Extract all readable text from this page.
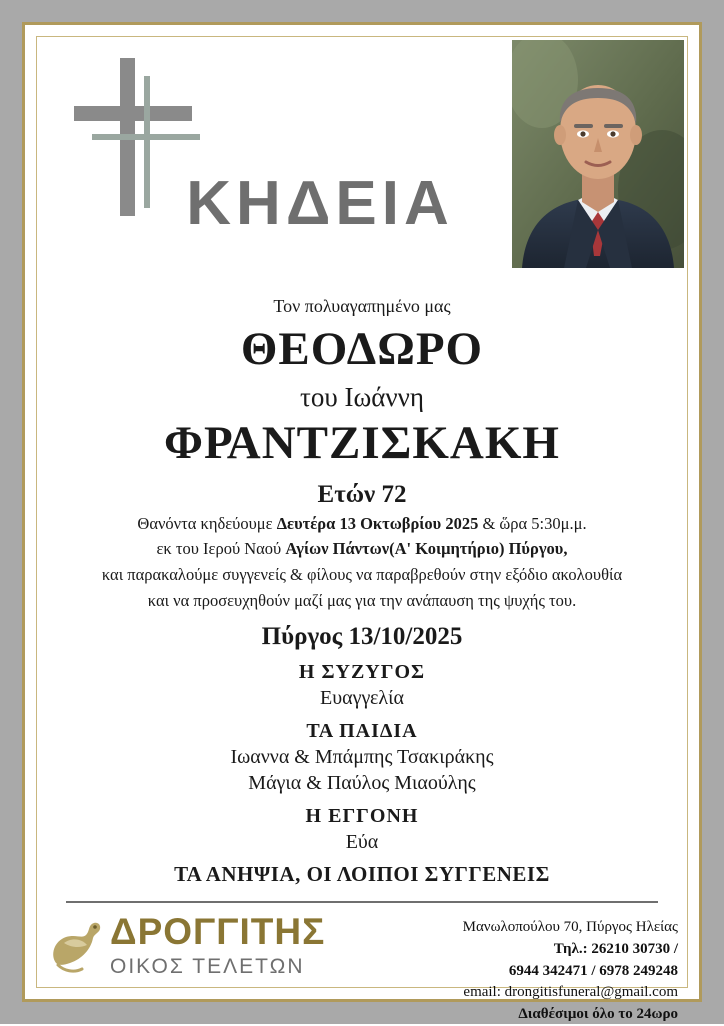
ΚΗΔΕΙΑ
Τον πολυαγαπημένο μας
ΘΕΟΔΩΡΟ
του Ιωάννη
ΦΡΑΝΤΖΙΣΚΑΚΗ
Ετών 72
Θανόντα κηδεύουμε Δευτέρα 13 Οκτωβρίου 2025 & ὥρα 5:30μ.μ.
εκ του Ιερού Ναού Αγίων Πάντων(Α' Κοιμητήριο) Πύργου,
και παρακαλούμε συγγενείς & φίλους να παραβρεθούν στην εξόδιο ακολουθία
και να προσευχηθούν μαζί μας για την ανάπαυση της ψυχής του.
Πύργος 13/10/2025
Η ΣΥΖΥΓΟΣ
Ευαγγελία
ΤΑ ΠΑΙΔΙΑ
Ιωαννα & Μπάμπης Τσακιράκης
Μάγια & Παύλος Μιαούλης
Η ΕΓΓΟΝΗ
Εύα
ΤΑ ΑΝΗΨΙΑ, ΟΙ ΛΟΙΠΟΙ ΣΥΓΓΕΝΕΙΣ
ΔΡΟΓΓΙΤΗΣ
ΟΙΚΟΣ ΤΕΛΕΤΩΝ
Μανωλοπούλου 70, Πύργος Ηλείας
Τηλ.: 26210 30730 /
6944 342471 / 6978 249248
email: drongitisfuneral@gmail.com
Διαθέσιμοι όλο το 24ωρο
